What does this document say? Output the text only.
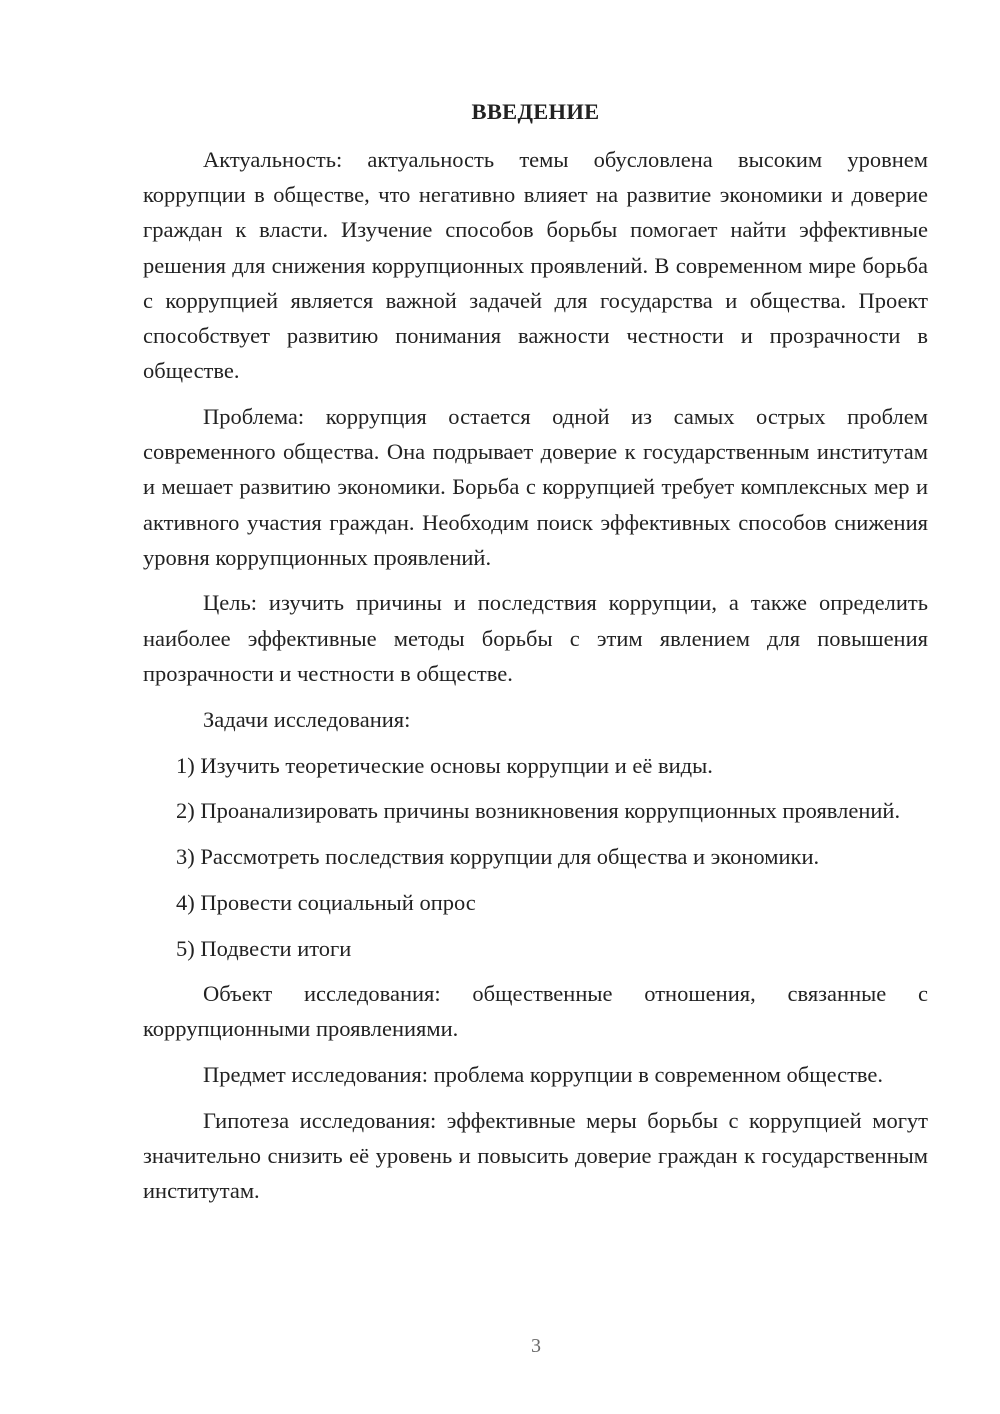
ВВЕДЕНИЕ

Актуальность: актуальность темы обусловлена высоким уровнем коррупции в обществе, что негативно влияет на развитие экономики и доверие граждан к власти. Изучение способов борьбы помогает найти эффективные решения для снижения коррупционных проявлений. В современном мире борьба с коррупцией является важной задачей для государства и общества. Проект способствует развитию понимания важности честности и прозрачности в обществе.

Проблема: коррупция остается одной из самых острых проблем современного общества. Она подрывает доверие к государственным институтам и мешает развитию экономики. Борьба с коррупцией требует комплексных мер и активного участия граждан. Необходим поиск эффективных способов снижения уровня коррупционных проявлений.

Цель: изучить причины и последствия коррупции, а также определить наиболее эффективные методы борьбы с этим явлением для повышения прозрачности и честности в обществе.

Задачи исследования:

1) Изучить теоретические основы коррупции и её виды.

2) Проанализировать причины возникновения коррупционных проявлений.

3) Рассмотреть последствия коррупции для общества и экономики.

4) Провести социальный опрос

5) Подвести итоги

Объект исследования: общественные отношения, связанные с коррупционными проявлениями.

Предмет исследования: проблема коррупции в современном обществе.

Гипотеза исследования: эффективные меры борьбы с коррупцией могут значительно снизить её уровень и повысить доверие граждан к государственным институтам.

3
